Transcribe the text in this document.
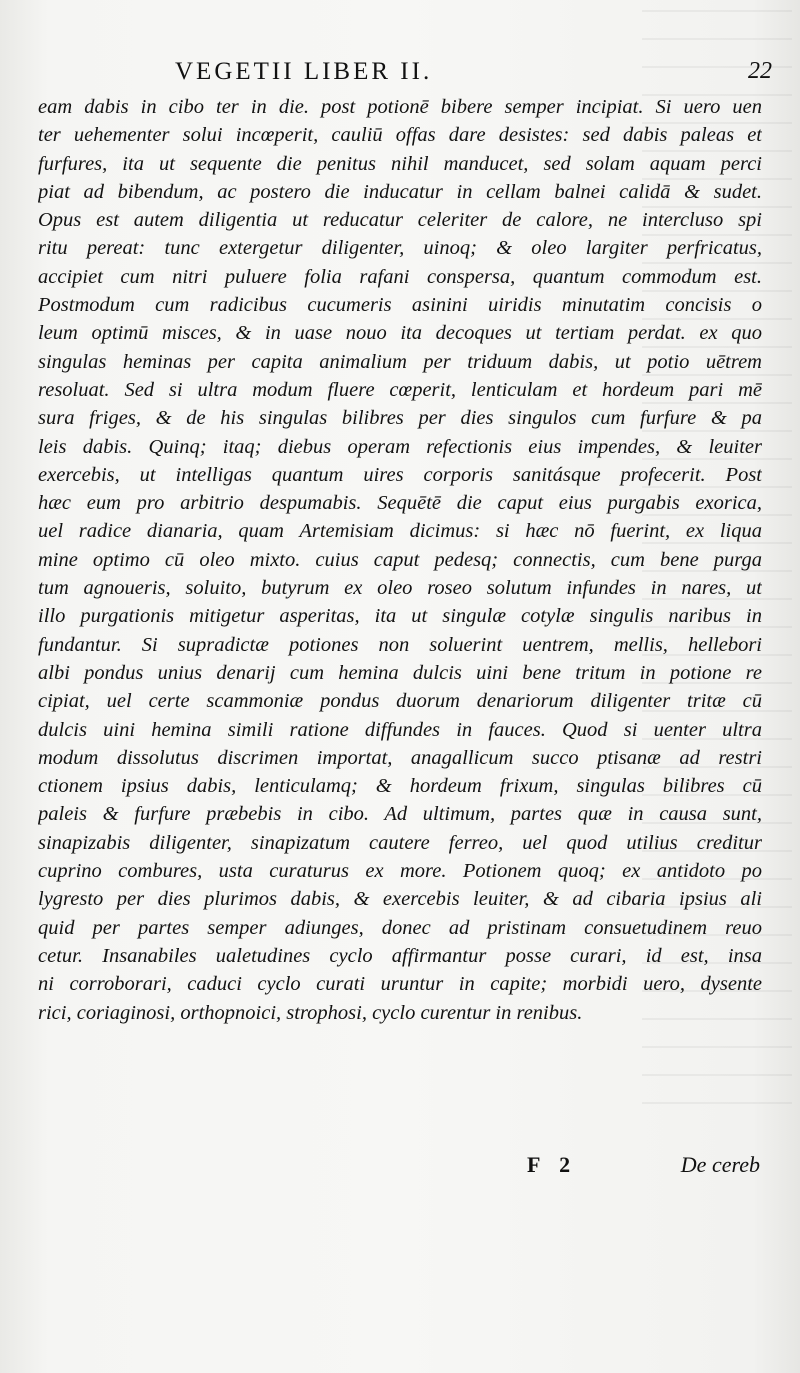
VEGETII LIBER II.	22
eam dabis in cibo ter in die. post potionē bibere semper incipiat. Si uero uen
ter uehementer solui incœperit, cauliū offas dare desistes: sed dabis paleas et
furfures, ita ut sequente die penitus nihil manducet, sed solam aquam perci
piat ad bibendum, ac postero die inducatur in cellam balnei calidā & sudet.
Opus est autem diligentia ut reducatur celeriter de calore, ne intercluso spi
ritu pereat: tunc extergetur diligenter, uinoq; & oleo largiter perfricatus,
accipiet cum nitri puluere folia rafani conspersa, quantum commodum est.
Postmodum cum radicibus cucumeris asinini uiridis minutatim concisis o
leum optimū misces, & in uase nouo ita decoques ut tertiam perdat. ex quo
singulas heminas per capita animalium per triduum dabis, ut potio uētrem
resoluat. Sed si ultra modum fluere cœperit, lenticulam et hordeum pari mē
sura friges, & de his singulas bilibres per dies singulos cum furfure & pa
leis dabis. Quinq; itaq; diebus operam refectionis eius impendes, & leuiter
exercebis, ut intelligas quantum uires corporis sanitásque profecerit. Post
hæc eum pro arbitrio despumabis. Sequētē die caput eius purgabis exorica,
uel radice dianaria, quam Artemisiam dicimus: si hæc nō fuerint, ex liqua
mine optimo cū oleo mixto. cuius caput pedesq; connectis, cum bene purga
tum agnoueris, soluito, butyrum ex oleo roseo solutum infundes in nares, ut
illo purgationis mitigetur asperitas, ita ut singulæ cotylæ singulis naribus in
fundantur. Si supradictæ potiones non soluerint uentrem, mellis, hellebori
albi pondus unius denarij cum hemina dulcis uini bene tritum in potione re
cipiat, uel certe scammoniæ pondus duorum denariorum diligenter tritæ cū
dulcis uini hemina simili ratione diffundes in fauces. Quod si uenter ultra
modum dissolutus discrimen importat, anagallicum succo ptisanæ ad restri
ctionem ipsius dabis, lenticulamq; & hordeum frixum, singulas bilibres cū
paleis & furfure præbebis in cibo. Ad ultimum, partes quæ in causa sunt,
sinapizabis diligenter, sinapizatum cautere ferreo, uel quod utilius creditur
cuprino combures, usta curaturus ex more. Potionem quoq; ex antidoto po
lygresto per dies plurimos dabis, & exercebis leuiter, & ad cibaria ipsius ali
quid per partes semper adiunges, donec ad pristinam consuetudinem reuo
cetur. Insanabiles ualetudines cyclo affirmantur posse curari, id est, insa
ni corroborari, caduci cyclo curati uruntur in capite; morbidi uero, dysente
rici, coriaginosi, orthopnoici, strophosi, cyclo curentur in renibus.
F 2	De cereb
